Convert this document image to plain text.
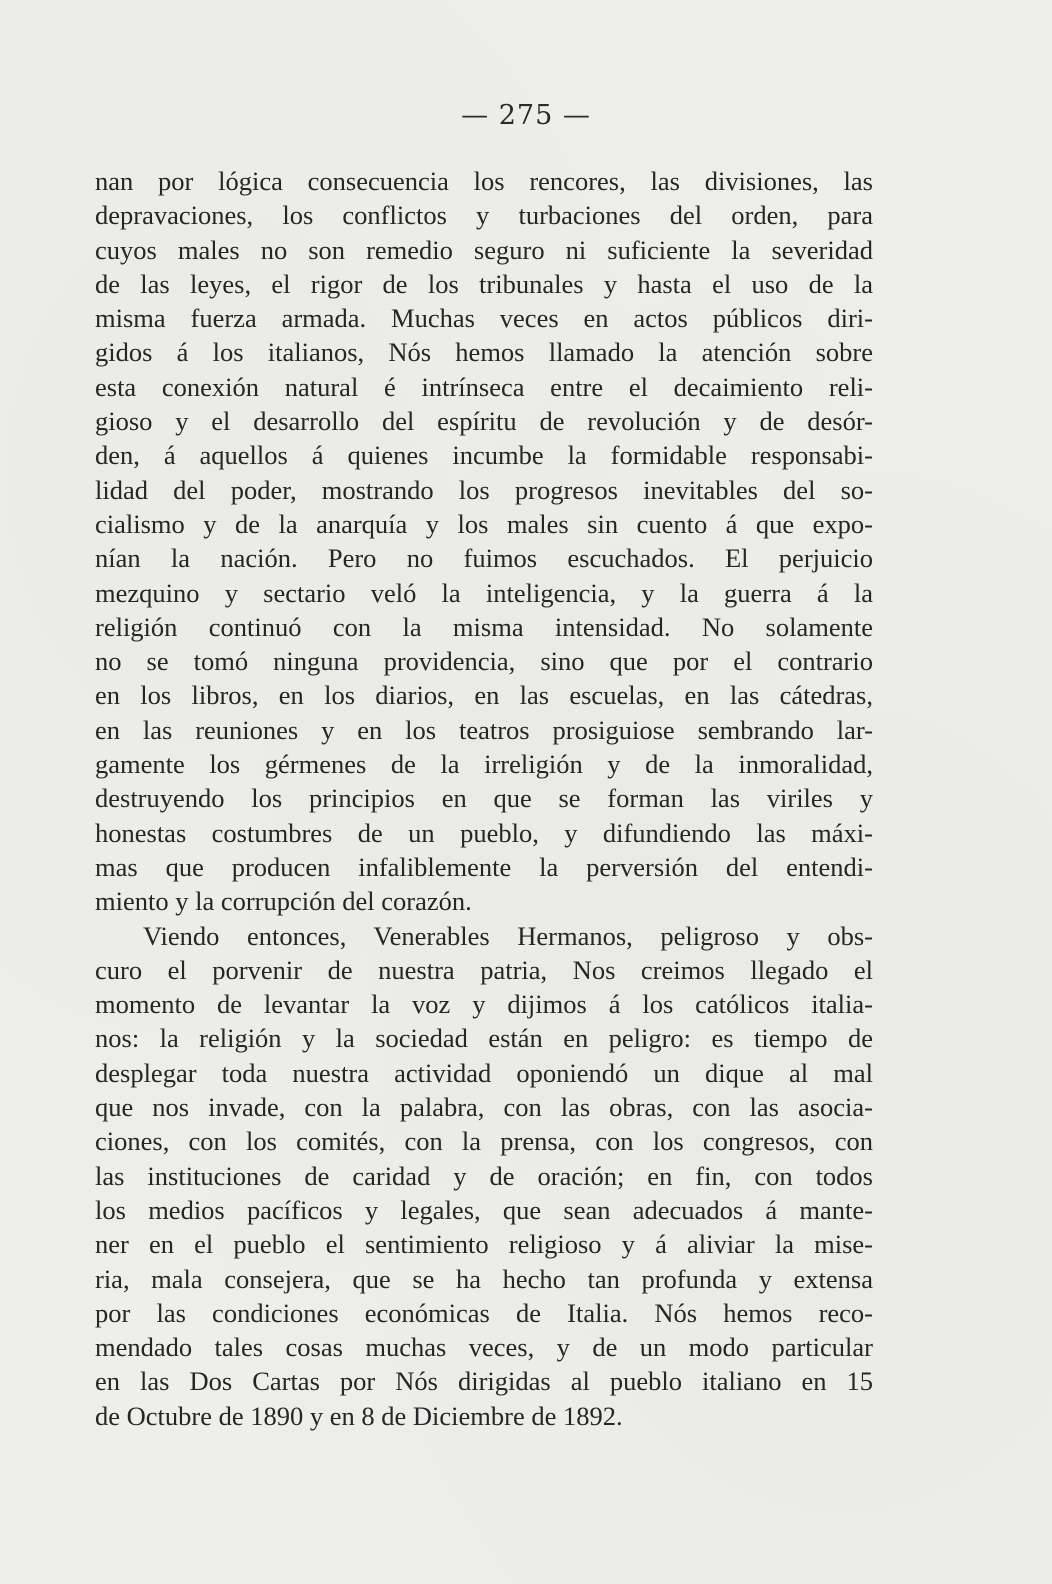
— 275 —
nan por lógica consecuencia los rencores, las divisiones, las
depravaciones, los conflictos y turbaciones del orden, para
cuyos males no son remedio seguro ni suficiente la severidad
de las leyes, el rigor de los tribunales y hasta el uso de la
misma fuerza armada. Muchas veces en actos públicos diri-
gidos á los italianos, Nós hemos llamado la atención sobre
esta conexión natural é intrínseca entre el decaimiento reli-
gioso y el desarrollo del espíritu de revolución y de desór-
den, á aquellos á quienes incumbe la formidable responsabi-
lidad del poder, mostrando los progresos inevitables del so-
cialismo y de la anarquía y los males sin cuento á que expo-
nían la nación. Pero no fuimos escuchados. El perjuicio
mezquino y sectario veló la inteligencia, y la guerra á la
religión continuó con la misma intensidad. No solamente
no se tomó ninguna providencia, sino que por el contrario
en los libros, en los diarios, en las escuelas, en las cátedras,
en las reuniones y en los teatros prosiguiose sembrando lar-
gamente los gérmenes de la irreligión y de la inmoralidad,
destruyendo los principios en que se forman las viriles y
honestas costumbres de un pueblo, y difundiendo las máxi-
mas que producen infaliblemente la perversión del entendi-
miento y la corrupción del corazón.
Viendo entonces, Venerables Hermanos, peligroso y obs-
curo el porvenir de nuestra patria, Nos creimos llegado el
momento de levantar la voz y dijimos á los católicos italia-
nos: la religión y la sociedad están en peligro: es tiempo de
desplegar toda nuestra actividad oponiendó un dique al mal
que nos invade, con la palabra, con las obras, con las asocia-
ciones, con los comités, con la prensa, con los congresos, con
las instituciones de caridad y de oración; en fin, con todos
los medios pacíficos y legales, que sean adecuados á mante-
ner en el pueblo el sentimiento religioso y á aliviar la mise-
ria, mala consejera, que se ha hecho tan profunda y extensa
por las condiciones económicas de Italia. Nós hemos reco-
mendado tales cosas muchas veces, y de un modo particular
en las Dos Cartas por Nós dirigidas al pueblo italiano en 15
de Octubre de 1890 y en 8 de Diciembre de 1892.
